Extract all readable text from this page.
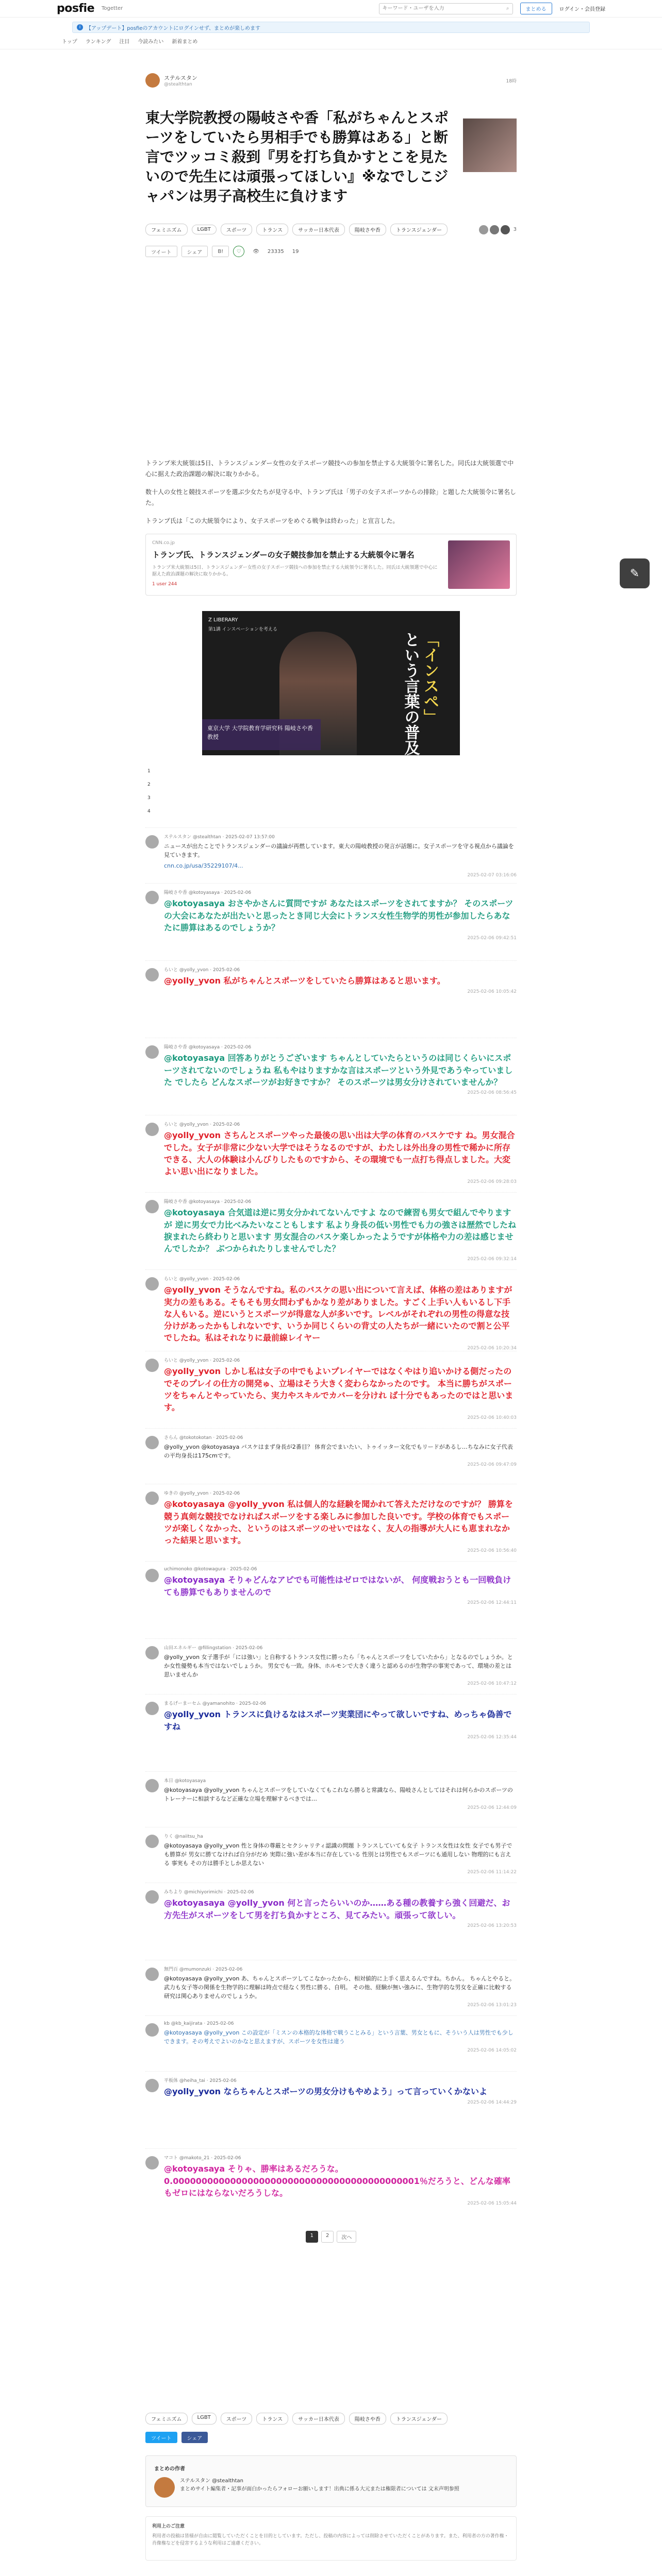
posfie Togetter
キーワード・ユーザを入力	⌕	まとめる	ログイン・会員登録
i	【アップデート】posfieのアカウントにログインせず、まとめが楽しめます
トップ ランキング 注目 今読みたい 新着まとめ
ステルスタン
@stealthtan
18時
東大学院教授の陽岐さや香「私がちゃんとスポーツをしていたら男相手でも勝算はある」と断言でツッコミ殺到『男を打ち負かすとこを見たいので先生には頑張ってほしい』※なでしこジャパンは男子高校生に負けます
フェミニズム	LGBT	スポーツ	トランス	サッカー日本代表	陽岐さや香	トランスジェンダー	3
ツイート	シェア	B!	♡	👁 23335 19

トランプ米大統領は5日、トランスジェンダー女性の女子スポーツ競技への参加を禁止する大統領令に署名した。同氏は大統領選で中心に据えた政治課題の解決に取りかかる。

数十人の女性と競技スポーツを選ぶ少女たちが見守る中、トランプ氏は「男子の女子スポーツからの排除」と題した大統領令に署名した。

トランプ氏は「この大統領令により、女子スポーツをめぐる戦争は終わった」と宣言した。

CNN.co.jp
トランプ氏、トランスジェンダーの女子競技参加を禁止する大統領令に署名
トランプ米大統領は5日、トランスジェンダー女性の女子スポーツ競技への参加を禁止する大統領令に署名した。同氏は大統領選で中心に据えた政治課題の解決に取りかかる。
1 user 244
Z LIBERARY
第1講 インスペーションを考える
東京大学 大学院教育学研究科 陽岐さや香 教授
「インスペ」
という言葉の普及
1
2
3
4
ステルスタン @stealthtan · 2025-02-07 13:57:00
ニュースが出たことでトランスジェンダーの議論が再燃しています。東大の陽岐教授の発言が話題に。女子スポーツを守る視点から議論を見ていきます。
cnn.co.jp/usa/35229107/4...
2025-02-07 03:16:06
陽岐さや香 @kotoyasaya · 2025-02-06
@kotoyasaya おさやかさんに質問ですが あなたはスポーツをされてますか？ そのスポーツの大会にあなたが出たいと思ったとき同じ大会にトランス女性生物学的男性が参加したらあなたに勝算はあるのでしょうか？
2025-02-06 09:42:51
らいと @yolly_yvon · 2025-02-06
@yolly_yvon 私がちゃんとスポーツをしていたら勝算はあると思います。
2025-02-06 10:05:42
陽岐さや香 @kotoyasaya · 2025-02-06
@kotoyasaya 回答ありがとうございます ちゃんとしていたらというのは同じくらいにスポーツされてないのでしょうね 私もやはりますかな言はスポーツという外見であうやっていました でしたら どんなスポーツがお好きですか？ そのスポーツは男女分けされていませんか？
2025-02-06 08:56:45
らいと @yolly_yvon · 2025-02-06
@yolly_yvon さちんとスポーツやった最後の思い出は大学の体育のバスケです ね。男女混合でした。女子が非常に少ない大学ではそうなるのですが、わたしは外出身の男性で稀かに所存できる、大人の体験は小んびりしたものですから、その環境でも一点打ち得点しました。大変よい思い出になりました。
2025-02-06 09:28:03
陽岐さや香 @kotoyasaya · 2025-02-06
@kotoyasaya 合気道は逆に男女分かれてないんですよ なので練習も男女で組んでやりますが 逆に男女で力比べみたいなこともします 私より身長の低い男性でも力の強さは歴然でしたね 捩まれたら終わりと思います 男女混合のバスケ楽しかったようですが体格や力の差は感じませんでしたか？ ぶつかられたりしませんでした？
2025-02-06 09:32:14
らいと @yolly_yvon · 2025-02-06
@yolly_yvon そうなんですね。私のバスケの思い出について言えば、体格の差はありますが実力の差もある。そもそも男女問わずもかなり差がありました。すごく上手い人もいるし下手な人もいる。逆にいうとスポーツが得意な人が多いです。レベルがそれぞれの男性の得意な技分けがあったかもしれないです、いうか同じくらいの背丈の人たちが一緒にいたので割と公平でしたね。私はそれなりに最前線レイヤー
2025-02-06 10:20:34
らいと @yolly_yvon · 2025-02-06
@yolly_yvon しかし私は女子の中でもよいプレイヤーではなくやはり追いかける側だったのでそのプレイの仕方の開発ゅ、立場はそう大きく変わらなかったのです。 本当に勝ちがスポーツをちゃんとやっていたら、実力やスキルでカバーを分けれ ば十分でもあったのではと思います。
2025-02-06 10:40:03
さらん @tokotokotan · 2025-02-06
@yolly_yvon @kotoyasaya バスケはまず身長が2番目？ 体育会でまいたい、トゥイッター文化でもリードがあるし…ちなみに女子代表の平均身長は175cmです。
2025-02-06 09:47:09
ゆきの @yolly_yvon · 2025-02-06
@kotoyasaya @yolly_yvon 私は個人的な経験を聞かれて答えただけなのですが？ 勝算を競う真剣な競技でなければスポーツをする楽しみに参加した良いです。学校の体育でもスポーツが楽しくなかった、というのはスポーツのせいではなく、友人の指導が大人にも恵まれなかった結果と思います。
2025-02-06 10:56:40
uchimonoko @kotowagura · 2025-02-06
@kotoyasaya そりゃどんなアピでも可能性はゼロではないが、 何度戦おうとも一回戦負けても勝算でもありませんので
2025-02-06 12:44:11
山田エネルギー @fillingstation · 2025-02-06
@yolly_yvon 女子選手が「には強い」と自称するトランス女性に勝ったら「ちゃんとスポーツをしていたから」となるのでしょうか。とか女性優勢も本当ではないでしょうか。 男女でも一致。身体、ホルモンで大きく違うと認めるのが生物学の事実であって、環境の差とは思いませんか
2025-02-06 10:47:12
まるげーまーセム @yamanohito · 2025-02-06
@yolly_yvon トランスに負けるなはスポーツ実業団にやって欲しいですね、めっちゃ偽善ですね
2025-02-06 12:35:44
本日 @kotoyasaya
@kotoyasaya @yolly_yvon ちゃんとスポーツをしていなくてもこれなら勝ると常識なら、陽岐さんとしてはそれは何らかのスポーツのトレーナーに相談するなど正確な立場を理解するべきでは…
2025-02-06 12:44:09
りく @naiitsu_ha
@kotoyasaya @yolly_yvon 性と身体の尊厳とセクシャリティ認識の問題 トランスしていても女子 トランス女性は女性 女子でも男子でも勝算が 男女に勝てなければ自分がだめ 実際に強い差が本当に存在している 性別とは男性でもスポーツにも通用しない 物理的にも言える 事実も その方は勝手としか思えない
2025-02-06 11:14:22
みちより @michiyorimichi · 2025-02-06
@kotoyasaya @yolly_yvon 何と言ったらいいのか……ある種の教養すら強く回避だ、お方先生がスポーツをして男を打ち負かすところ、見てみたい。頑張って欲しい。
2025-02-06 13:20:53
無門百 @mumonzuki · 2025-02-06
@kotoyasaya @yolly_yvon あ、ちゃんとスポーツしてこなかったから、相対値的に上手く思えるんですね。ちかん。 ちゃんとやると。武力も女子等の関係を生物学的に理解は時点で経なく男性に勝る、自明。 その他、経験が無い強みに、生物学的な男女を正確に比較する研究は関心ありませんのでしょうか。
2025-02-06 13:01:23
kb @kb_kaijirata · 2025-02-06
@kotoyasaya @yolly_yvon この設定が「ミスンの本格的な体格で戦うことみる」という言葉、男女ともに、そういう人は男性でも少しできます。その考えでよいのかなと思えますが、スポーツを女性は違う
2025-02-06 14:05:02
平板体 @heiha_tai · 2025-02-06
@yolly_yvon ならちゃんとスポーツの男女分けもやめよう」って言っていくかないよ
2025-02-06 14:44:29
マコト @makoto_21 · 2025-02-06
@kotoyasaya そりゃ、勝率はあるだろうな。 0.0000000000000000000000000000000000000000001％だろうと、どんな確率もゼロにはならないだろうしな。
2025-02-06 15:05:44
1	2	次へ
フェミニズム	LGBT	スポーツ	トランス	サッカー日本代表	陽岐さや香	トランスジェンダー
ツイート	シェア
まとめの作者
ステルスタン @stealthtan
まとめサイト編集者・記事が面白かったらフォローお願いします！出典に係る大元または権限者については 文末声明参照
利用上のご注意
利用者の投稿は皆様が自由に閲覧していただくことを目的としています。ただし、投稿の内容によっては削除させていただくことがあります。また、利用者の方の著作権・肖像権などを侵害するような利用はご遠慮ください。
✎
